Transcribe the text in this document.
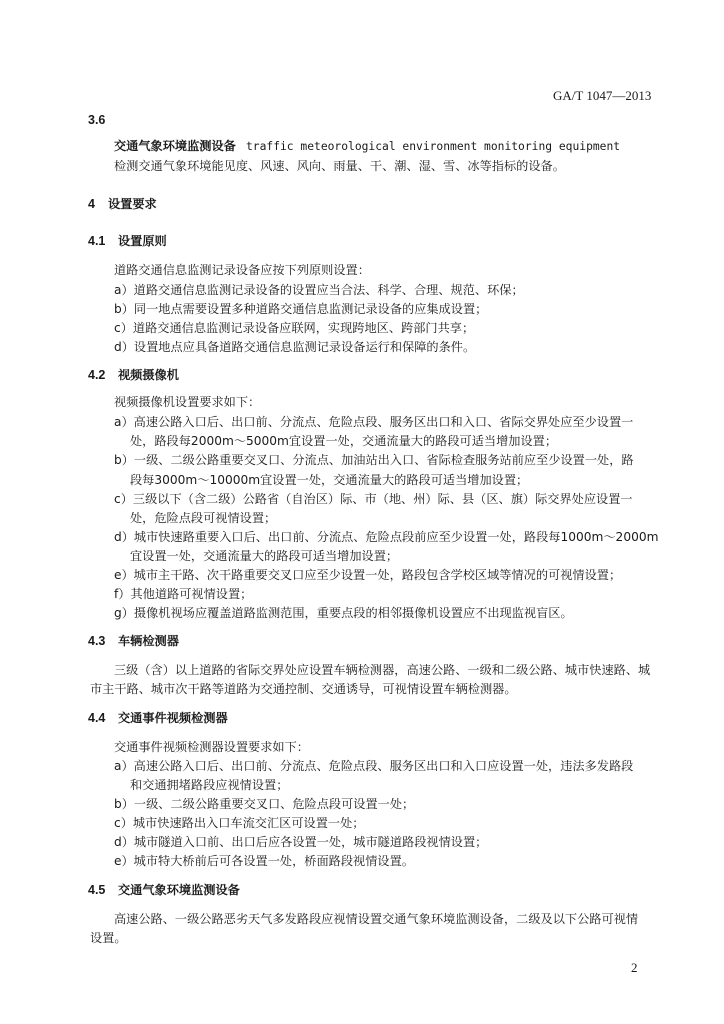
GA/T 1047—2013
3.6
交通气象环境监测设备 traffic meteorological environment monitoring equipment
检测交通气象环境能见度、风速、风向、雨量、干、潮、湿、雪、冰等指标的设备。
4 设置要求
4.1 设置原则
道路交通信息监测记录设备应按下列原则设置：
a）道路交通信息监测记录设备的设置应当合法、科学、合理、规范、环保；
b）同一地点需要设置多种道路交通信息监测记录设备的应集成设置；
c）道路交通信息监测记录设备应联网，实现跨地区、跨部门共享；
d）设置地点应具备道路交通信息监测记录设备运行和保障的条件。
4.2 视频摄像机
视频摄像机设置要求如下：
a）高速公路入口后、出口前、分流点、危险点段、服务区出口和入口、省际交界处应至少设置一
处，路段每2000m～5000m宜设置一处，交通流量大的路段可适当增加设置；
b）一级、二级公路重要交叉口、分流点、加油站出入口、省际检查服务站前应至少设置一处，路
段每3000m～10000m宜设置一处，交通流量大的路段可适当增加设置；
c）三级以下（含二级）公路省（自治区）际、市（地、州）际、县（区、旗）际交界处应设置一
处，危险点段可视情设置；
d）城市快速路重要入口后、出口前、分流点、危险点段前应至少设置一处，路段每1000m～2000m
宜设置一处，交通流量大的路段可适当增加设置；
e）城市主干路、次干路重要交叉口应至少设置一处，路段包含学校区域等情况的可视情设置；
f）其他道路可视情设置；
g）摄像机视场应覆盖道路监测范围，重要点段的相邻摄像机设置应不出现监视盲区。
4.3 车辆检测器
三级（含）以上道路的省际交界处应设置车辆检测器，高速公路、一级和二级公路、城市快速路、城
市主干路、城市次干路等道路为交通控制、交通诱导，可视情设置车辆检测器。
4.4 交通事件视频检测器
交通事件视频检测器设置要求如下：
a）高速公路入口后、出口前、分流点、危险点段、服务区出口和入口应设置一处，违法多发路段
和交通拥堵路段应视情设置；
b）一级、二级公路重要交叉口、危险点段可设置一处；
c）城市快速路出入口车流交汇区可设置一处；
d）城市隧道入口前、出口后应各设置一处，城市隧道路段视情设置；
e）城市特大桥前后可各设置一处，桥面路段视情设置。
4.5 交通气象环境监测设备
高速公路、一级公路恶劣天气多发路段应视情设置交通气象环境监测设备，二级及以下公路可视情
设置。
2
